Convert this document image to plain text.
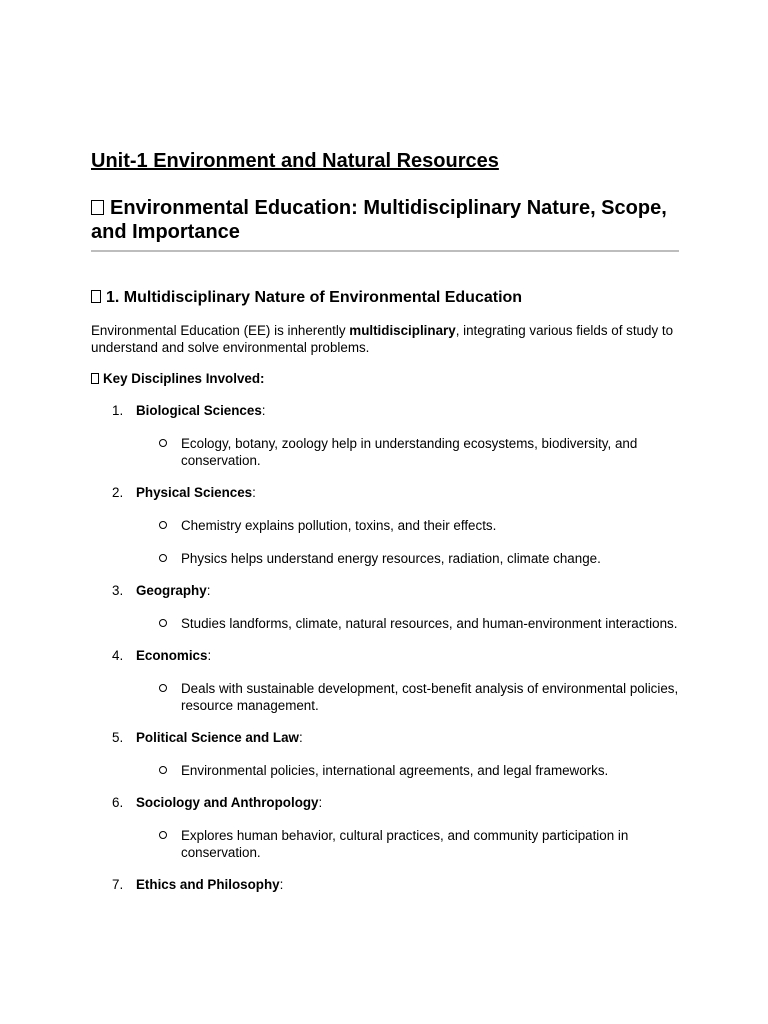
Unit-1 Environment and Natural Resources
Environmental Education: Multidisciplinary Nature, Scope, and Importance
1. Multidisciplinary Nature of Environmental Education

Environmental Education (EE) is inherently multidisciplinary, integrating various fields of study to understand and solve environmental problems.

Key Disciplines Involved:

1. Biological Sciences:
Ecology, botany, zoology help in understanding ecosystems, biodiversity, and conservation.
2. Physical Sciences:
Chemistry explains pollution, toxins, and their effects.
Physics helps understand energy resources, radiation, climate change.
3. Geography:
Studies landforms, climate, natural resources, and human-environment interactions.
4. Economics:
Deals with sustainable development, cost-benefit analysis of environmental policies, resource management.
5. Political Science and Law:
Environmental policies, international agreements, and legal frameworks.
6. Sociology and Anthropology:
Explores human behavior, cultural practices, and community participation in conservation.
7. Ethics and Philosophy:
